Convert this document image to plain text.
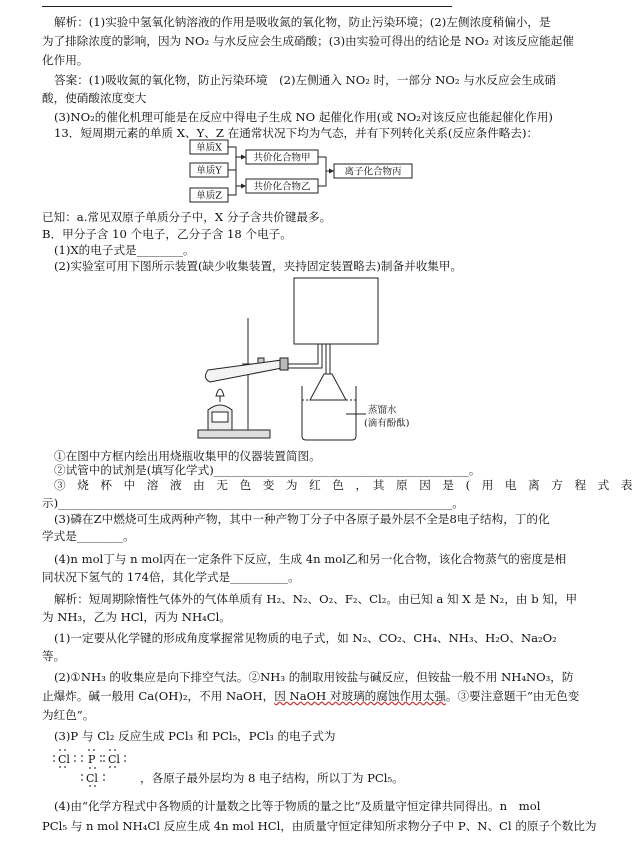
解析：(1)实验中氢氧化钠溶液的作用是吸收氮的氧化物，防止污染环境；(2)左侧浓度稍偏小，是
为了排除浓度的影响，因为 NO₂ 与水反应会生成硝酸；(3)由实验可得出的结论是 NO₂ 对该反应能起催
化作用。
答案：(1)吸收氮的氧化物，防止污染环境　(2)左侧通入 NO₂ 时，一部分 NO₂ 与水反应会生成硝
酸，使硝酸浓度变大
(3)NO₂的催化机理可能是在反应中得电子生成 NO 起催化作用(或 NO₂对该反应也能起催化作用)
13．短周期元素的单质 X、Y、Z 在通常状况下均为气态，并有下列转化关系(反应条件略去)：
单质X
单质Y
单质Z
共价化合物甲
共价化合物乙
离子化合物丙
已知：a.常见双原子单质分子中，X 分子含共价键最多。
B．甲分子含 10 个电子，乙分子含 18 个电子。
(1)X的电子式是________。
(2)实验室可用下图所示装置(缺少收集装置，夹持固定装置略去)制备并收集甲。
蒸馏水
(滴有酚酞)
①在图中方框内绘出用烧瓶收集甲的仪器装置简图。
②试管中的试剂是(填写化学式)____________________________________________。
③　烧　杯　中　溶　液　由　无　色　变　为　红　色　，　其　原　因　是　(　用　电　离　方　程　式　表
示)____________________________________________________________________。
(3)磷在Z中燃烧可生成两种产物，其中一种产物丁分子中各原子最外层不全是8电子结构，丁的化
学式是________。
(4)n mol丁与 n mol丙在一定条件下反应，生成 4n mol乙和另一化合物，该化合物蒸气的密度是相
同状况下氢气的 174倍，其化学式是__________。
解析：短周期除惰性气体外的气体单质有 H₂、N₂、O₂、F₂、Cl₂。由已知 a 知 X 是 N₂，由 b 知，甲
为 NH₃，乙为 HCl，丙为 NH₄Cl。
(1)一定要从化学键的形成角度掌握常见物质的电子式，如 N₂、CO₂、CH₄、NH₃、H₂O、Na₂O₂
等。
(2)①NH₃ 的收集应是向下排空气法。②NH₃ 的制取用铵盐与碱反应，但铵盐一般不用 NH₄NO₃，防
止爆炸。碱一般用 Ca(OH)₂，不用 NaOH，因 NaOH 对玻璃的腐蚀作用太强。③要注意题干“由无色变
为红色”。
(3)P 与 Cl₂ 反应生成 PCl₃ 和 PCl₅，PCl₃ 的电子式为
Cl P Cl
Cl	，各原子最外层均为 8 电子结构，所以丁为 PCl₅。
(4)由“化学方程式中各物质的计量数之比等于物质的量之比”及质量守恒定律共同得出。n　mol
PCl₅ 与 n mol NH₄Cl 反应生成 4n mol HCl，由质量守恒定律知所求物分子中 P、N、Cl 的原子个数比为
